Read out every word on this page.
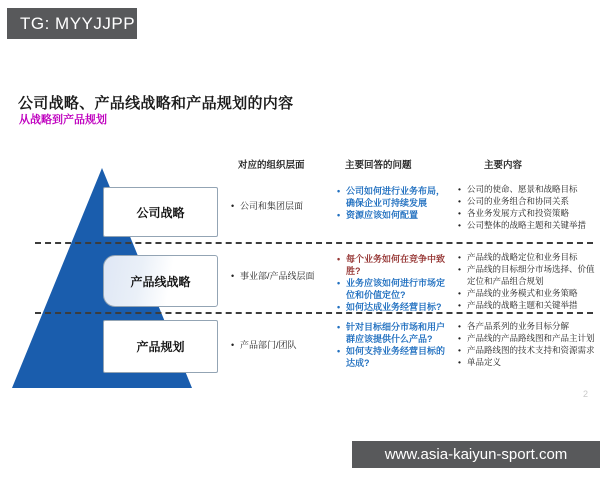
TG: MYYJJPP
公司战略、产品线战略和产品规划的内容
从战略到产品规划
对应的组织层面	主要回答的问题	主要内容
公司战略
产品线战略
产品规划
• 公司和集团层面
• 事业部/产品线层面
• 产品部门/团队
• 公司如何进行业务布局，确保企业可持续发展
• 资源应该如何配置
• 每个业务如何在竞争中致胜?
• 业务应该如何进行市场定位和价值定位?
• 如何达成业务经营目标?
• 针对目标细分市场和用户群应该提供什么产品?
• 如何支持业务经营目标的达成?
• 公司的使命、愿景和战略目标
• 公司的业务组合和协同关系
• 各业务发展方式和投资策略
• 公司整体的战略主题和关键举措
• 产品线的战略定位和业务目标
• 产品线的目标细分市场选择、价值定位和产品组合规划
• 产品线的业务模式和业务策略
• 产品线的战略主题和关键举措
• 各产品系列的业务目标分解
• 产品线的产品路线图和产品主计划
• 产品路线图的技术支持和资源需求
• 单品定义
2
www.asia-kaiyun-sport.com
